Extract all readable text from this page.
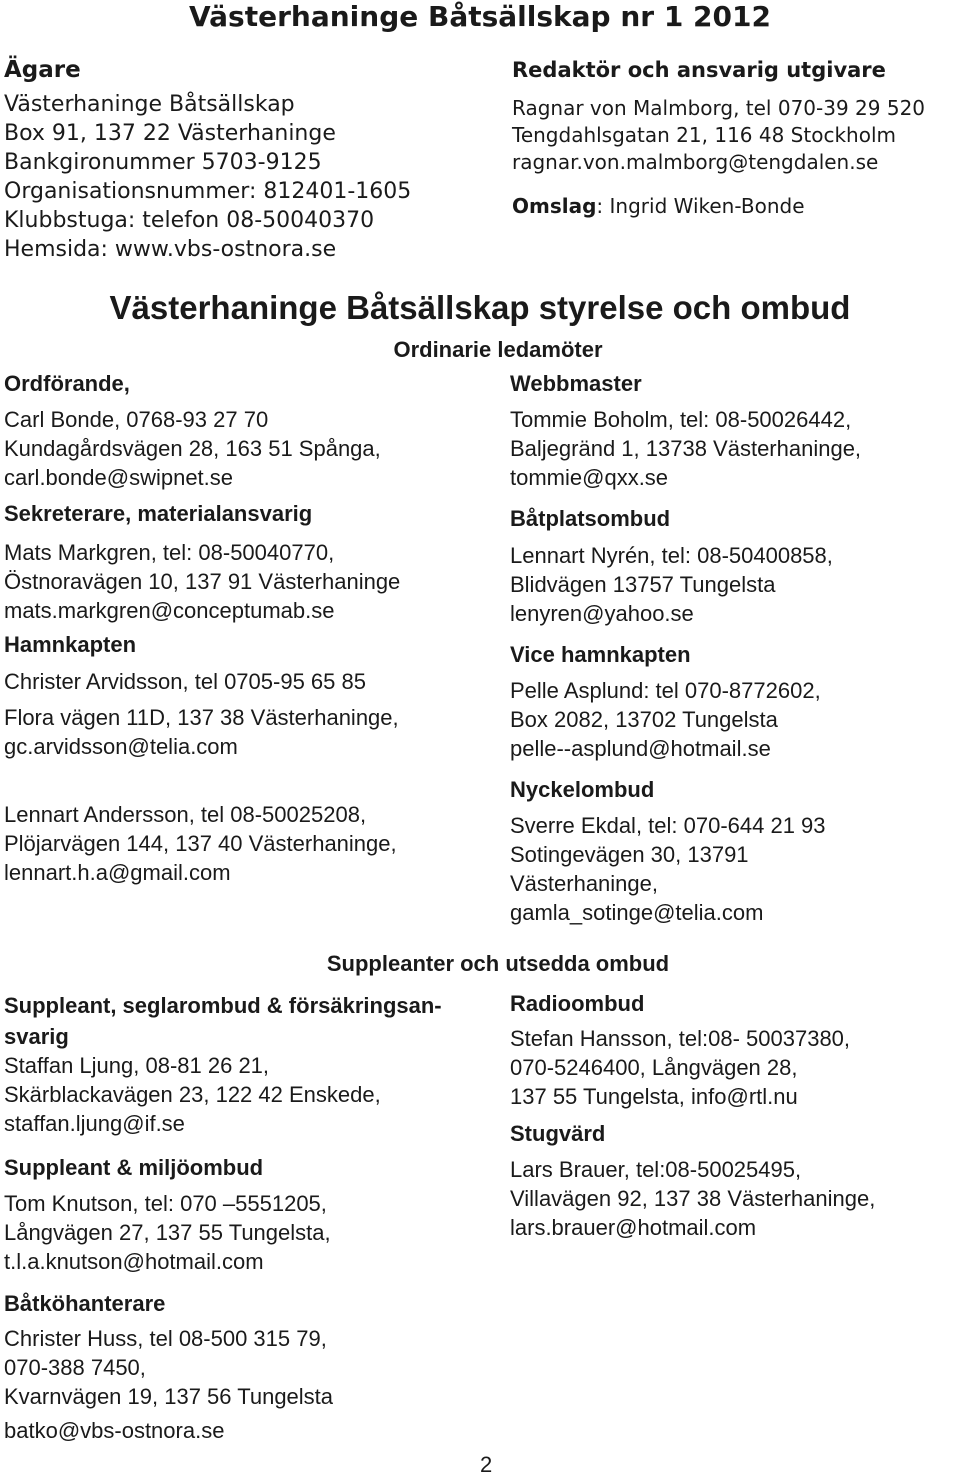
Västerhaninge Båtsällskap nr 1 2012
Ägare
Västerhaninge Båtsällskap
Box 91, 137 22 Västerhaninge
Bankgironummer 5703-9125
Organisationsnummer: 812401-1605
Klubbstuga: telefon 08-50040370
Hemsida: www.vbs-ostnora.se
Redaktör och ansvarig utgivare
Ragnar von Malmborg, tel 070-39 29 520
Tengdahlsgatan 21, 116 48 Stockholm
ragnar.von.malmborg@tengdalen.se
Omslag: Ingrid Wiken-Bonde
Västerhaninge Båtsällskap styrelse och ombud
Ordinarie ledamöter
Ordförande,
Carl Bonde, 0768-93 27 70
Kundagårdsvägen 28, 163 51 Spånga,
carl.bonde@swipnet.se
Sekreterare, materialansvarig
Mats Markgren, tel: 08-50040770,
Östnoravägen 10, 137 91 Västerhaninge
mats.markgren@conceptumab.se
Hamnkapten
Christer Arvidsson, tel 0705-95 65 85
Flora vägen 11D, 137 38 Västerhaninge,
gc.arvidsson@telia.com
Lennart Andersson, tel 08-50025208,
Plöjarvägen 144, 137 40 Västerhaninge,
lennart.h.a@gmail.com
Webbmaster
Tommie Boholm, tel: 08-50026442,
Baljegränd 1, 13738 Västerhaninge,
tommie@qxx.se
Båtplatsombud
Lennart Nyrén, tel: 08-50400858,
Blidvägen 13757 Tungelsta
lenyren@yahoo.se
Vice hamnkapten
Pelle Asplund: tel 070-8772602,
Box 2082, 13702 Tungelsta
pelle--asplund@hotmail.se
Nyckelombud
Sverre Ekdal, tel: 070-644 21 93
Sotingevägen 30, 13791
Västerhaninge,
gamla_sotinge@telia.com
Suppleanter och utsedda ombud
Suppleant, seglarombud & försäkringsan-
svarig
Staffan Ljung, 08-81 26 21,
Skärblackavägen 23, 122 42 Enskede,
staffan.ljung@if.se
Suppleant & miljöombud
Tom Knutson, tel: 070 –5551205,
Långvägen 27, 137 55 Tungelsta,
t.l.a.knutson@hotmail.com
Båtköhanterare
Christer Huss, tel 08-500 315 79,
070-388 7450,
Kvarnvägen 19, 137 56 Tungelsta
batko@vbs-ostnora.se
Radioombud
Stefan Hansson, tel:08- 50037380,
070-5246400, Långvägen 28,
137 55 Tungelsta, info@rtl.nu
Stugvärd
Lars Brauer, tel:08-50025495,
Villavägen 92, 137 38 Västerhaninge,
lars.brauer@hotmail.com
2
